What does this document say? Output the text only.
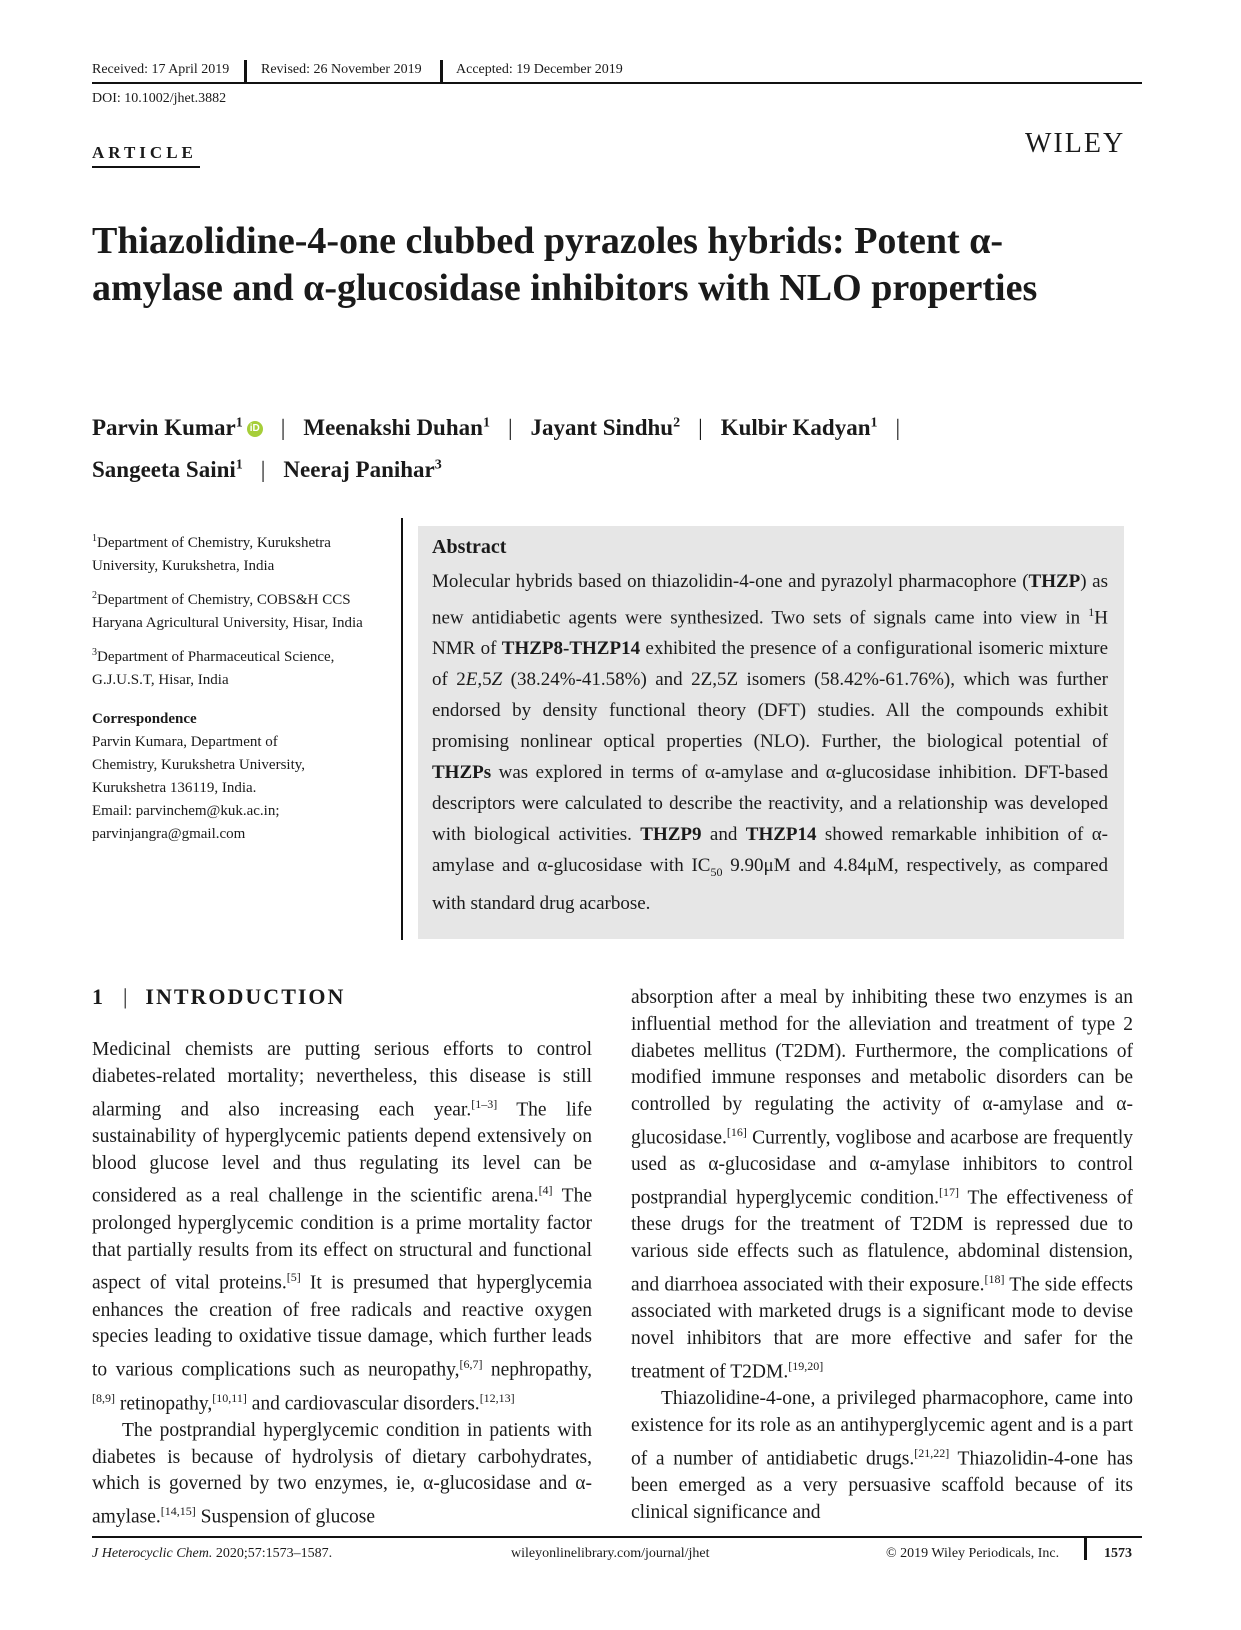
Received: 17 April 2019 Revised: 26 November 2019 Accepted: 19 December 2019
DOI: 10.1002/jhet.3882
ARTICLE	WILEY
Thiazolidine-4-one clubbed pyrazoles hybrids: Potent α-amylase and α-glucosidase inhibitors with NLO properties
Parvin Kumar$^1$ iD | Meenakshi Duhan$^1$ | Jayant Sindhu$^2$ | Kulbir Kadyan$^1$ |
Sangeeta Saini$^1$ | Neeraj Panihar$^3$

$^1$Department of Chemistry, Kurukshetra University, Kurukshetra, India

$^2$Department of Chemistry, COBS&H CCS Haryana Agricultural University, Hisar, India

$^3$Department of Pharmaceutical Science, G.J.U.S.T, Hisar, India

Correspondence

Parvin Kumara, Department of
Chemistry, Kurukshetra University,
Kurukshetra 136119, India.
Email: parvinchem@kuk.ac.in;
parvinjangra@gmail.com
Abstract
Molecular hybrids based on thiazolidin-4-one and pyrazolyl pharmacophore (THZP) as new antidiabetic agents were synthesized. Two sets of signals came into view in $^1$H NMR of THZP8-THZP14 exhibited the presence of a configurational isomeric mixture of 2E,5Z (38.24%-41.58%) and 2Z,5Z isomers (58.42%-61.76%), which was further endorsed by density functional theory (DFT) studies. All the compounds exhibit promising nonlinear optical properties (NLO). Further, the biological potential of THZPs was explored in terms of α-amylase and α-glucosidase inhibition. DFT-based descriptors were calculated to describe the reactivity, and a relationship was developed with biological activities. THZP9 and THZP14 showed remarkable inhibition of α-amylase and α-glucosidase with $IC_{50}$ 9.90μM and 4.84μM, respectively, as compared with standard drug acarbose.
1 | INTRODUCTION

Medicinal chemists are putting serious efforts to control diabetes-related mortality; nevertheless, this disease is still alarming and also increasing each year.[1–3] The life sustainability of hyperglycemic patients depend extensively on blood glucose level and thus regulating its level can be considered as a real challenge in the scientific arena.[4] The prolonged hyperglycemic condition is a prime mortality factor that partially results from its effect on structural and functional aspect of vital proteins.[5] It is presumed that hyperglycemia enhances the creation of free radicals and reactive oxygen species leading to oxidative tissue damage, which further leads to various complications such as neuropathy,[6,7] nephropathy,[8,9] retinopathy,[10,11] and cardiovascular disorders.[12,13]

The postprandial hyperglycemic condition in patients with diabetes is because of hydrolysis of dietary carbohydrates, which is governed by two enzymes, ie, α-glucosidase and α-amylase.[14,15] Suspension of glucose

absorption after a meal by inhibiting these two enzymes is an influential method for the alleviation and treatment of type 2 diabetes mellitus (T2DM). Furthermore, the complications of modified immune responses and metabolic disorders can be controlled by regulating the activity of α-amylase and α-glucosidase.[16] Currently, voglibose and acarbose are frequently used as α-glucosidase and α-amylase inhibitors to control postprandial hyperglycemic condition.[17] The effectiveness of these drugs for the treatment of T2DM is repressed due to various side effects such as flatulence, abdominal distension, and diarrhoea associated with their exposure.[18] The side effects associated with marketed drugs is a significant mode to devise novel inhibitors that are more effective and safer for the treatment of T2DM.[19,20]

Thiazolidine-4-one, a privileged pharmacophore, came into existence for its role as an antihyperglycemic agent and is a part of a number of antidiabetic drugs.[21,22] Thiazolidin-4-one has been emerged as a very persuasive scaffold because of its clinical significance and

J Heterocyclic Chem. 2020;57:1573–1587.	wileyonlinelibrary.com/journal/jhet	© 2019 Wiley Periodicals, Inc.	1573
